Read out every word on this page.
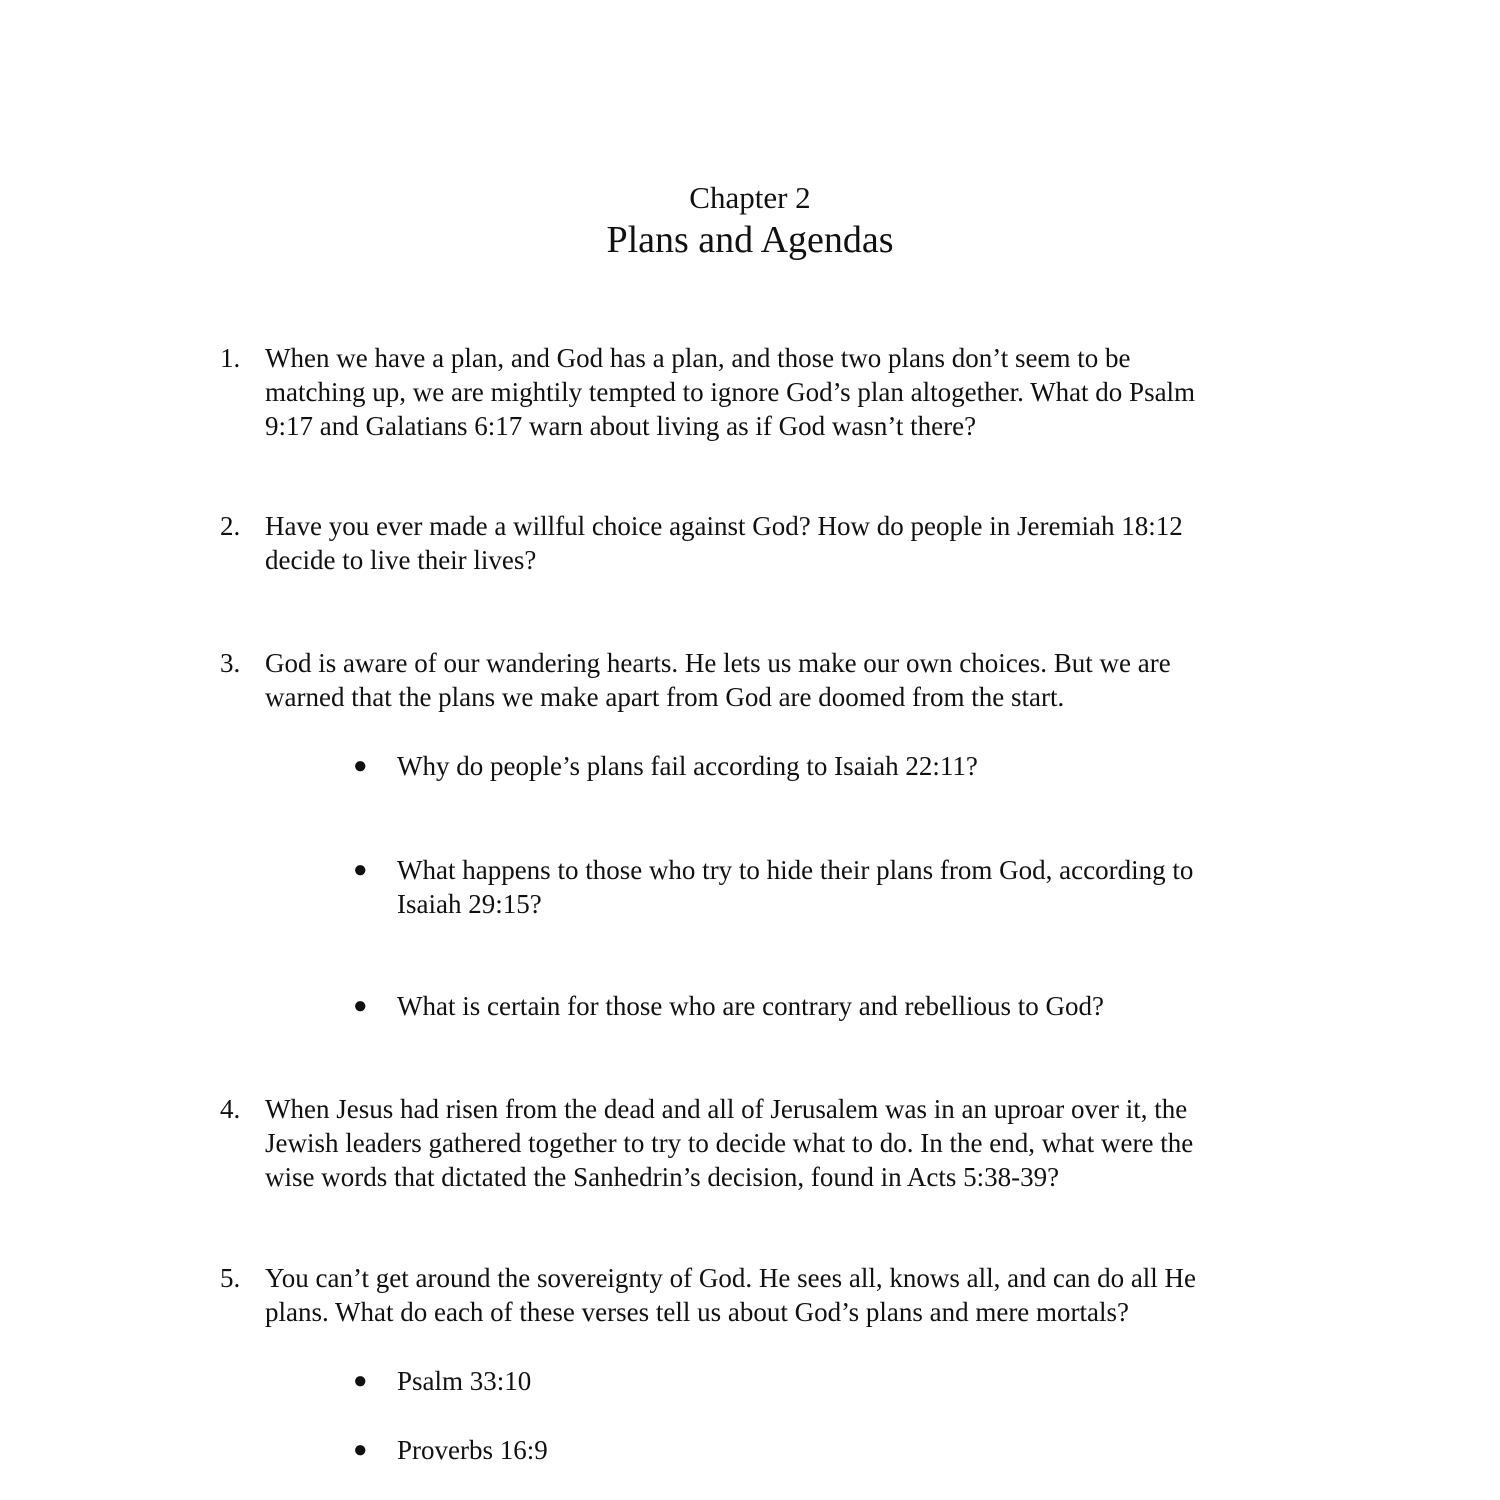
Chapter 2
Plans and Agendas
1. When we have a plan, and God has a plan, and those two plans don’t seem to be
matching up, we are mightily tempted to ignore God’s plan altogether. What do Psalm
9:17 and Galatians 6:17 warn about living as if God wasn’t there?
2. Have you ever made a willful choice against God? How do people in Jeremiah 18:12
decide to live their lives?
3. God is aware of our wandering hearts. He lets us make our own choices. But we are
warned that the plans we make apart from God are doomed from the start.
● Why do people’s plans fail according to Isaiah 22:11?
● What happens to those who try to hide their plans from God, according to
Isaiah 29:15?
● What is certain for those who are contrary and rebellious to God?
4. When Jesus had risen from the dead and all of Jerusalem was in an uproar over it, the
Jewish leaders gathered together to try to decide what to do. In the end, what were the
wise words that dictated the Sanhedrin’s decision, found in Acts 5:38-39?
5. You can’t get around the sovereignty of God. He sees all, knows all, and can do all He
plans. What do each of these verses tell us about God’s plans and mere mortals?
● Psalm 33:10
● Proverbs 16:9
